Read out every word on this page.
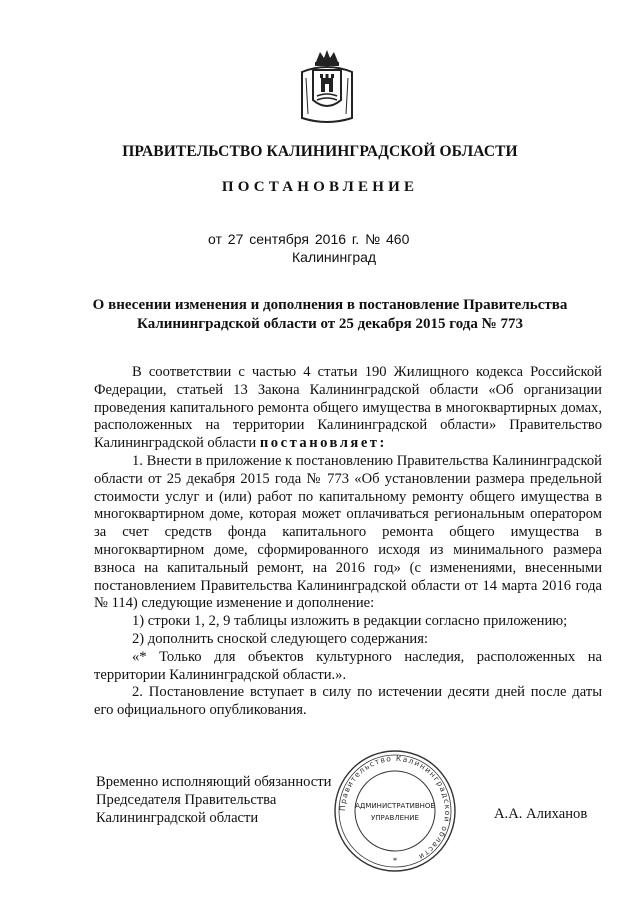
ПРАВИТЕЛЬСТВО КАЛИНИНГРАДСКОЙ ОБЛАСТИ
ПОСТАНОВЛЕНИЕ
от 27 сентября 2016 г. № 460
Калининград
О внесении изменения и дополнения в постановление Правительства
Калининградской области от 25 декабря 2015 года № 773

В соответствии с частью 4 статьи 190 Жилищного кодекса Российской Федерации, статьей 13 Закона Калининградской области «Об организации проведения капитального ремонта общего имущества в многоквартирных домах, расположенных на территории Калининградской области» Правительство Калининградской области постановляет:

1. Внести в приложение к постановлению Правительства Калининградской области от 25 декабря 2015 года № 773 «Об установлении размера предельной стоимости услуг и (или) работ по капитальному ремонту общего имущества в многоквартирном доме, которая может оплачиваться региональным оператором за счет средств фонда капитального ремонта общего имущества в многоквартирном доме, сформированного исходя из минимального размера взноса на капитальный ремонт, на 2016 год» (с изменениями, внесенными постановлением Правительства Калининградской области от 14 марта 2016 года № 114) следующие изменение и дополнение:

1) строки 1, 2, 9 таблицы изложить в редакции согласно приложению;

2) дополнить сноской следующего содержания:

«* Только для объектов культурного наследия, расположенных на территории Калининградской области.».

2. Постановление вступает в силу по истечении десяти дней после даты его официального опубликования.

Временно исполняющий обязанности
Председателя Правительства
Калининградской области
Правительство Калининградской области
АДМИНИСТРАТИВНОЕ
УПРАВЛЕНИЕ
*
А.А. Алиханов
